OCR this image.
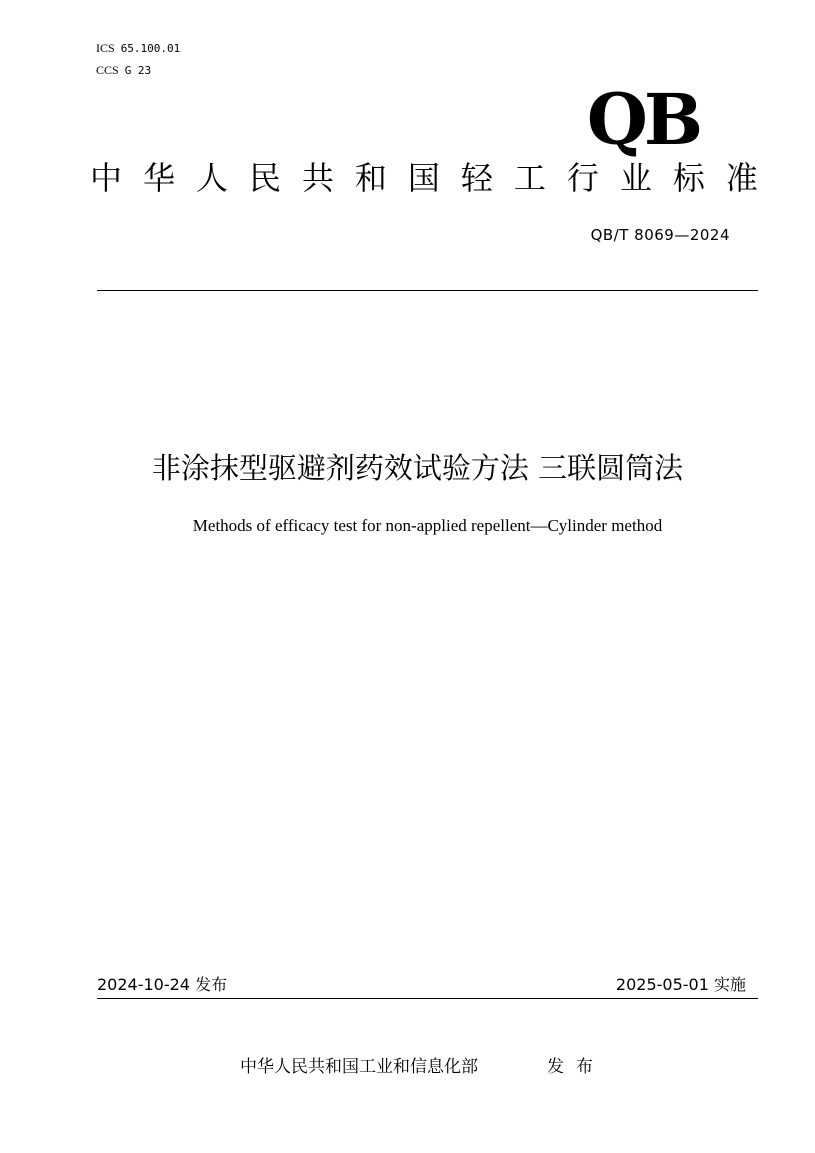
ICS 65.100.01
CCS G 23
QB
中 华 人 民 共 和 国 轻 工 行 业 标 准
QB/T 8069—2024
非涂抹型驱避剂药效试验方法 三联圆筒法
Methods of efficacy test for non-applied repellent—Cylinder method
2024-10-24 发布	2025-05-01 实施
中华人民共和国工业和信息化部	发布
